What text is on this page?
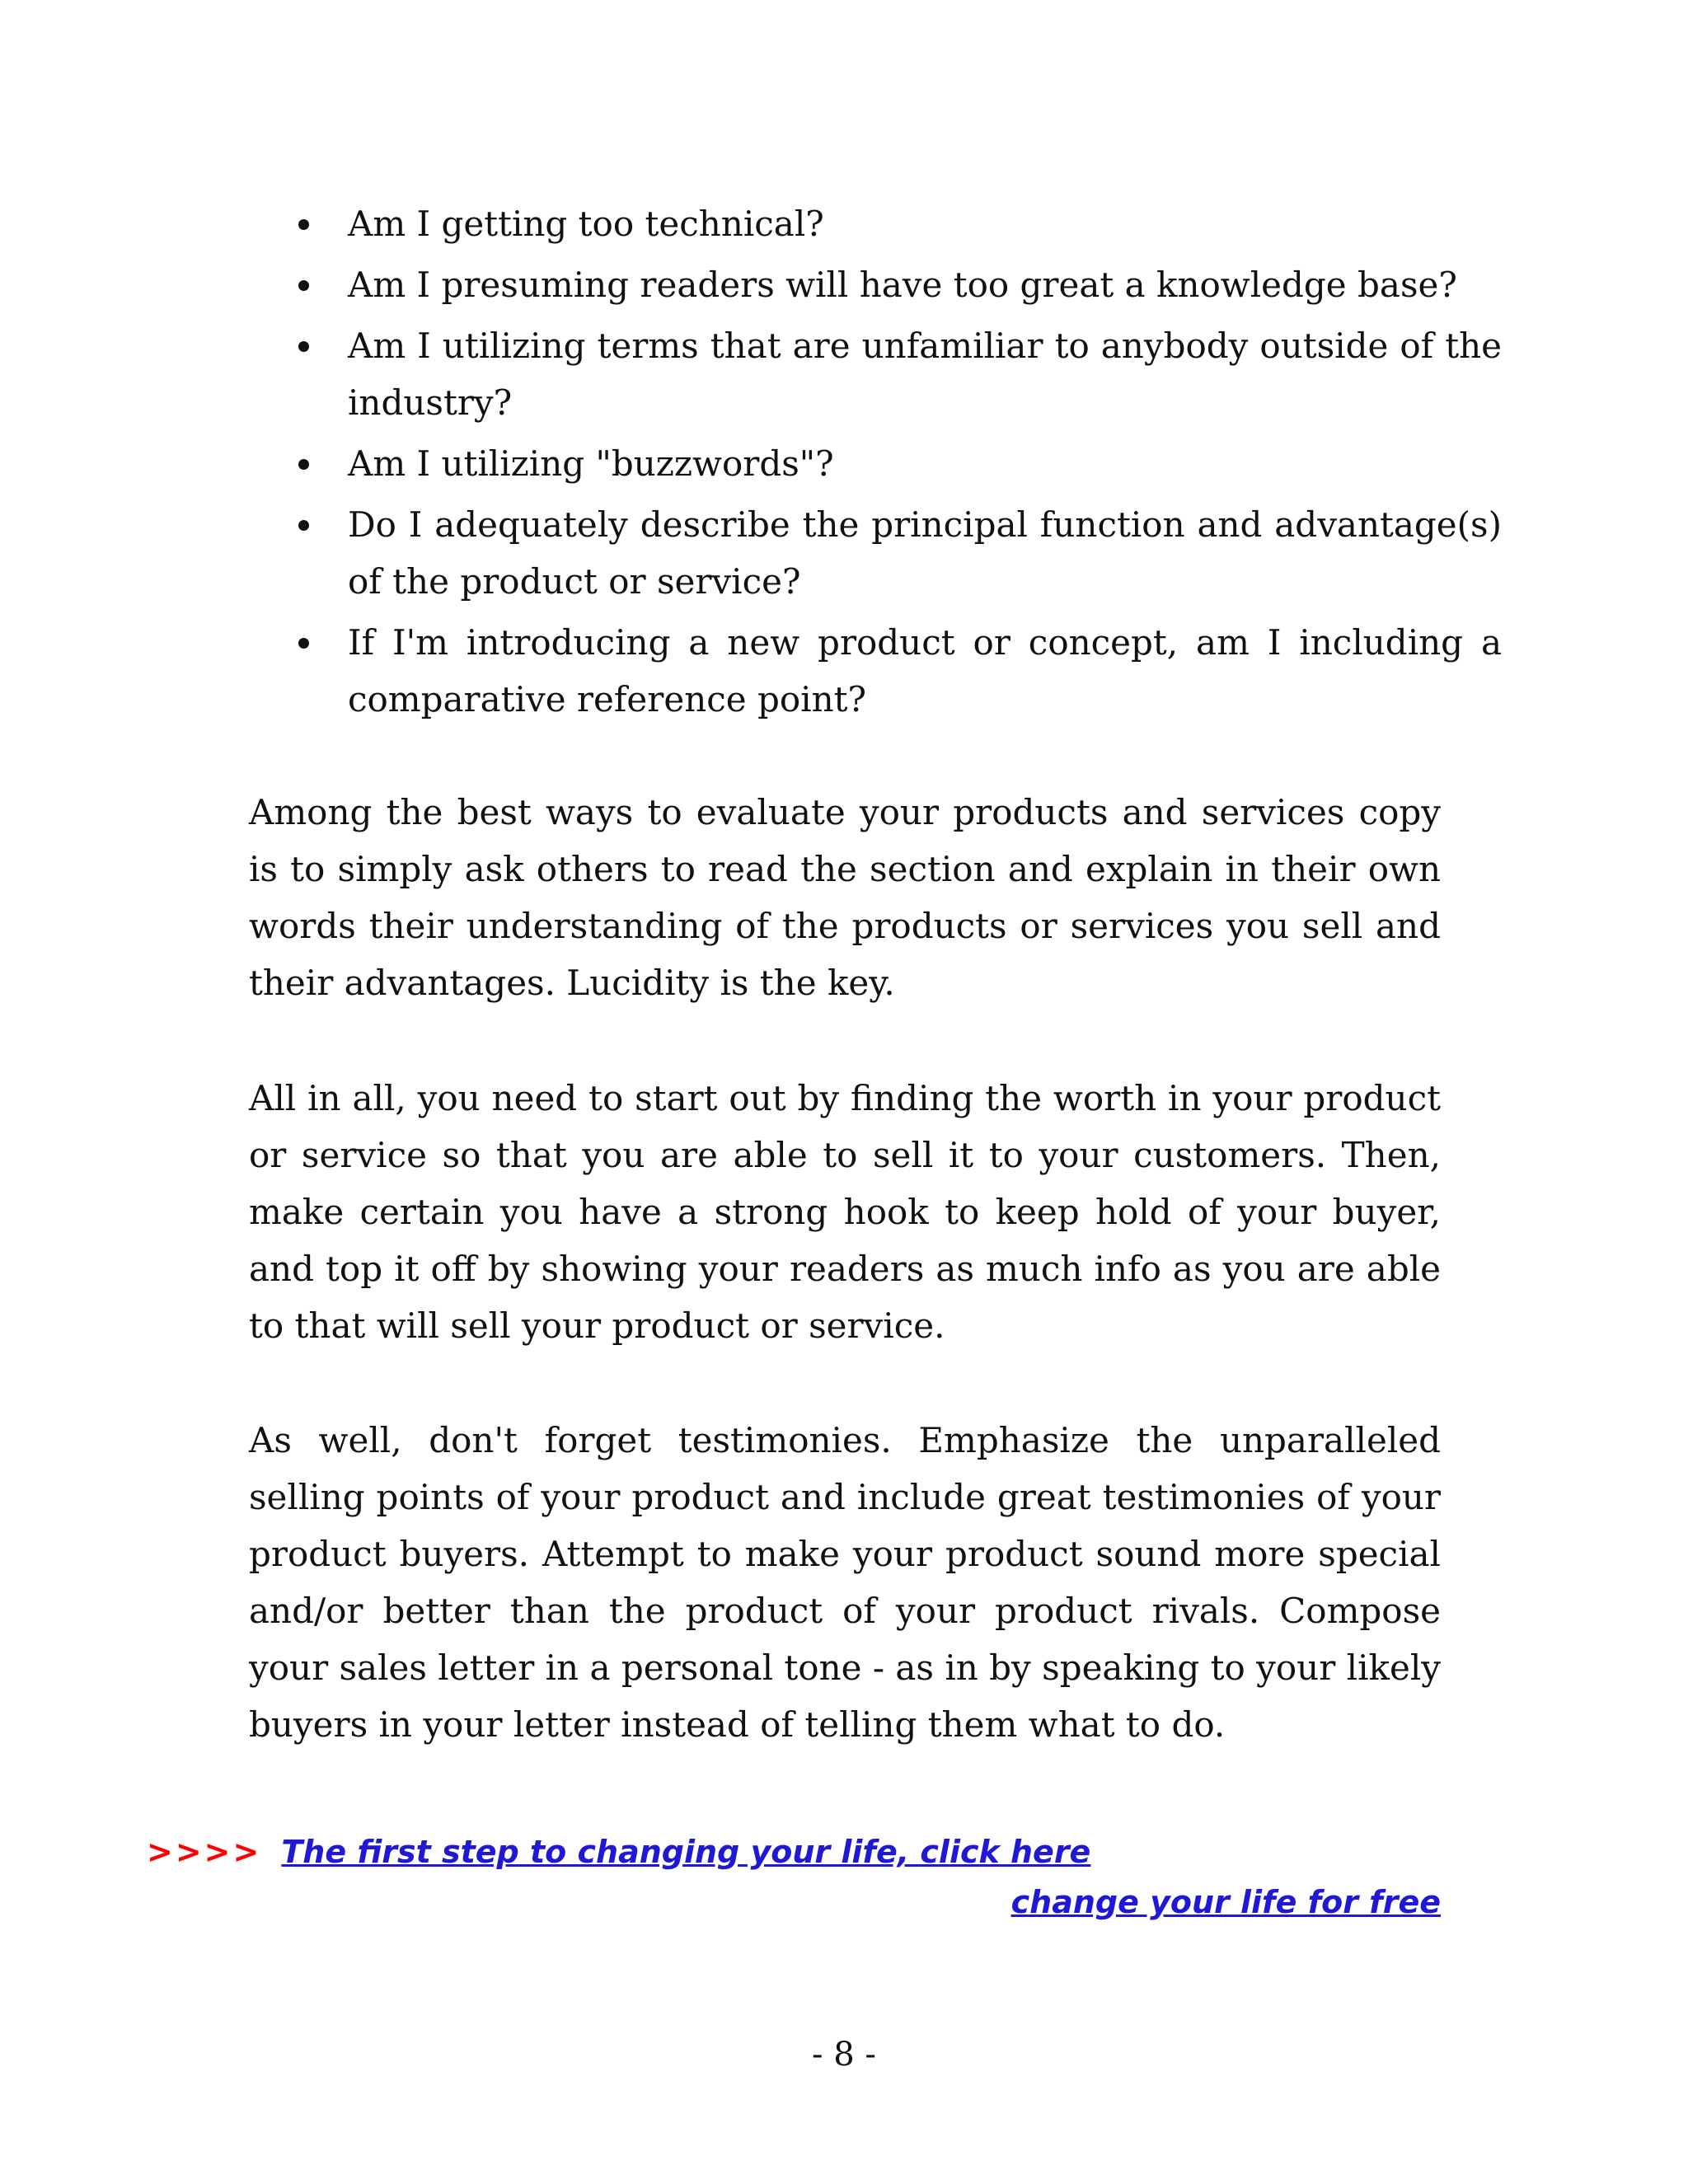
Am I getting too technical?
Am I presuming readers will have too great a knowledge base?
Am I utilizing terms that are unfamiliar to anybody outside of the industry?
Am I utilizing "buzzwords"?
Do I adequately describe the principal function and advantage(s) of the product or service?
If I'm introducing a new product or concept, am I including a comparative reference point?

Among the best ways to evaluate your products and services copy is to simply ask others to read the section and explain in their own words their understanding of the products or services you sell and their advantages. Lucidity is the key.

All in all, you need to start out by finding the worth in your product or service so that you are able to sell it to your customers. Then, make certain you have a strong hook to keep hold of your buyer, and top it off by showing your readers as much info as you are able to that will sell your product or service.

As well, don't forget testimonies. Emphasize the unparalleled selling points of your product and include great testimonies of your product buyers. Attempt to make your product sound more special and/or better than the product of your product rivals. Compose your sales letter in a personal tone - as in by speaking to your likely buyers in your letter instead of telling them what to do.

>>>> The first step to changing your life, click here
change your life for free
- 8 -
